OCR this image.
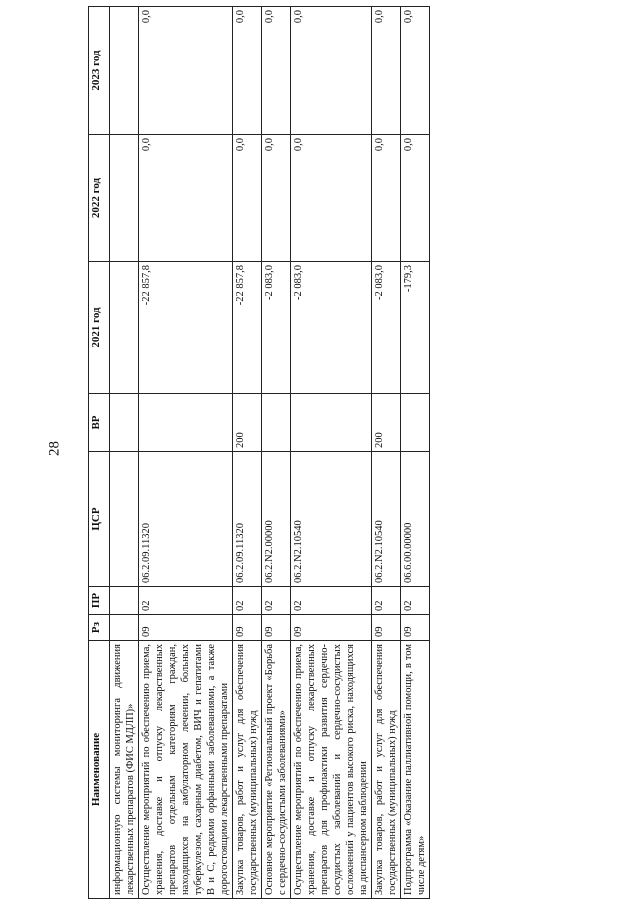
28
Наименование	Рз	ПР	ЦСР	ВР	2021 год	2022 год	2023 год
информационную системы мониторинга движения лекарственных препаратов (ФИС МДЛП)»							
Осуществление мероприятий по обеспечению приема, хранения, доставке и отпуску лекарственных препаратов отдельным категориям граждан, находящихся на амбулаторном лечении, больных туберкулезом, сахарным диабетом, ВИЧ и гепатитами В и С, редкими орфанными заболеваниями, а также дорогостоящими лекарственными препаратами	09	02	06.2.09.11320		-22 857,8	0,0	0,0
Закупка товаров, работ и услуг для обеспечения государственных (муниципальных) нужд	09	02	06.2.09.11320	200	-22 857,8	0,0	0,0
Основное мероприятие «Региональный проект «Борьба с сердечно-сосудистыми заболеваниями»	09	02	06.2.N2.00000		-2 083,0	0,0	0,0
Осуществление мероприятий по обеспечению приема, хранения, доставке и отпуску лекарственных препаратов для профилактики развития сердечно-сосудистых заболеваний и сердечно-сосудистых осложнений у пациентов высокого риска, находящихся на диспансерном наблюдении	09	02	06.2.N2.10540		-2 083,0	0,0	0,0
Закупка товаров, работ и услуг для обеспечения государственных (муниципальных) нужд	09	02	06.2.N2.10540	200	-2 083,0	0,0	0,0
Подпрограмма «Оказание паллиативной помощи, в том числе детям»	09	02	06.6.00.00000		-179,3	0,0	0,0
